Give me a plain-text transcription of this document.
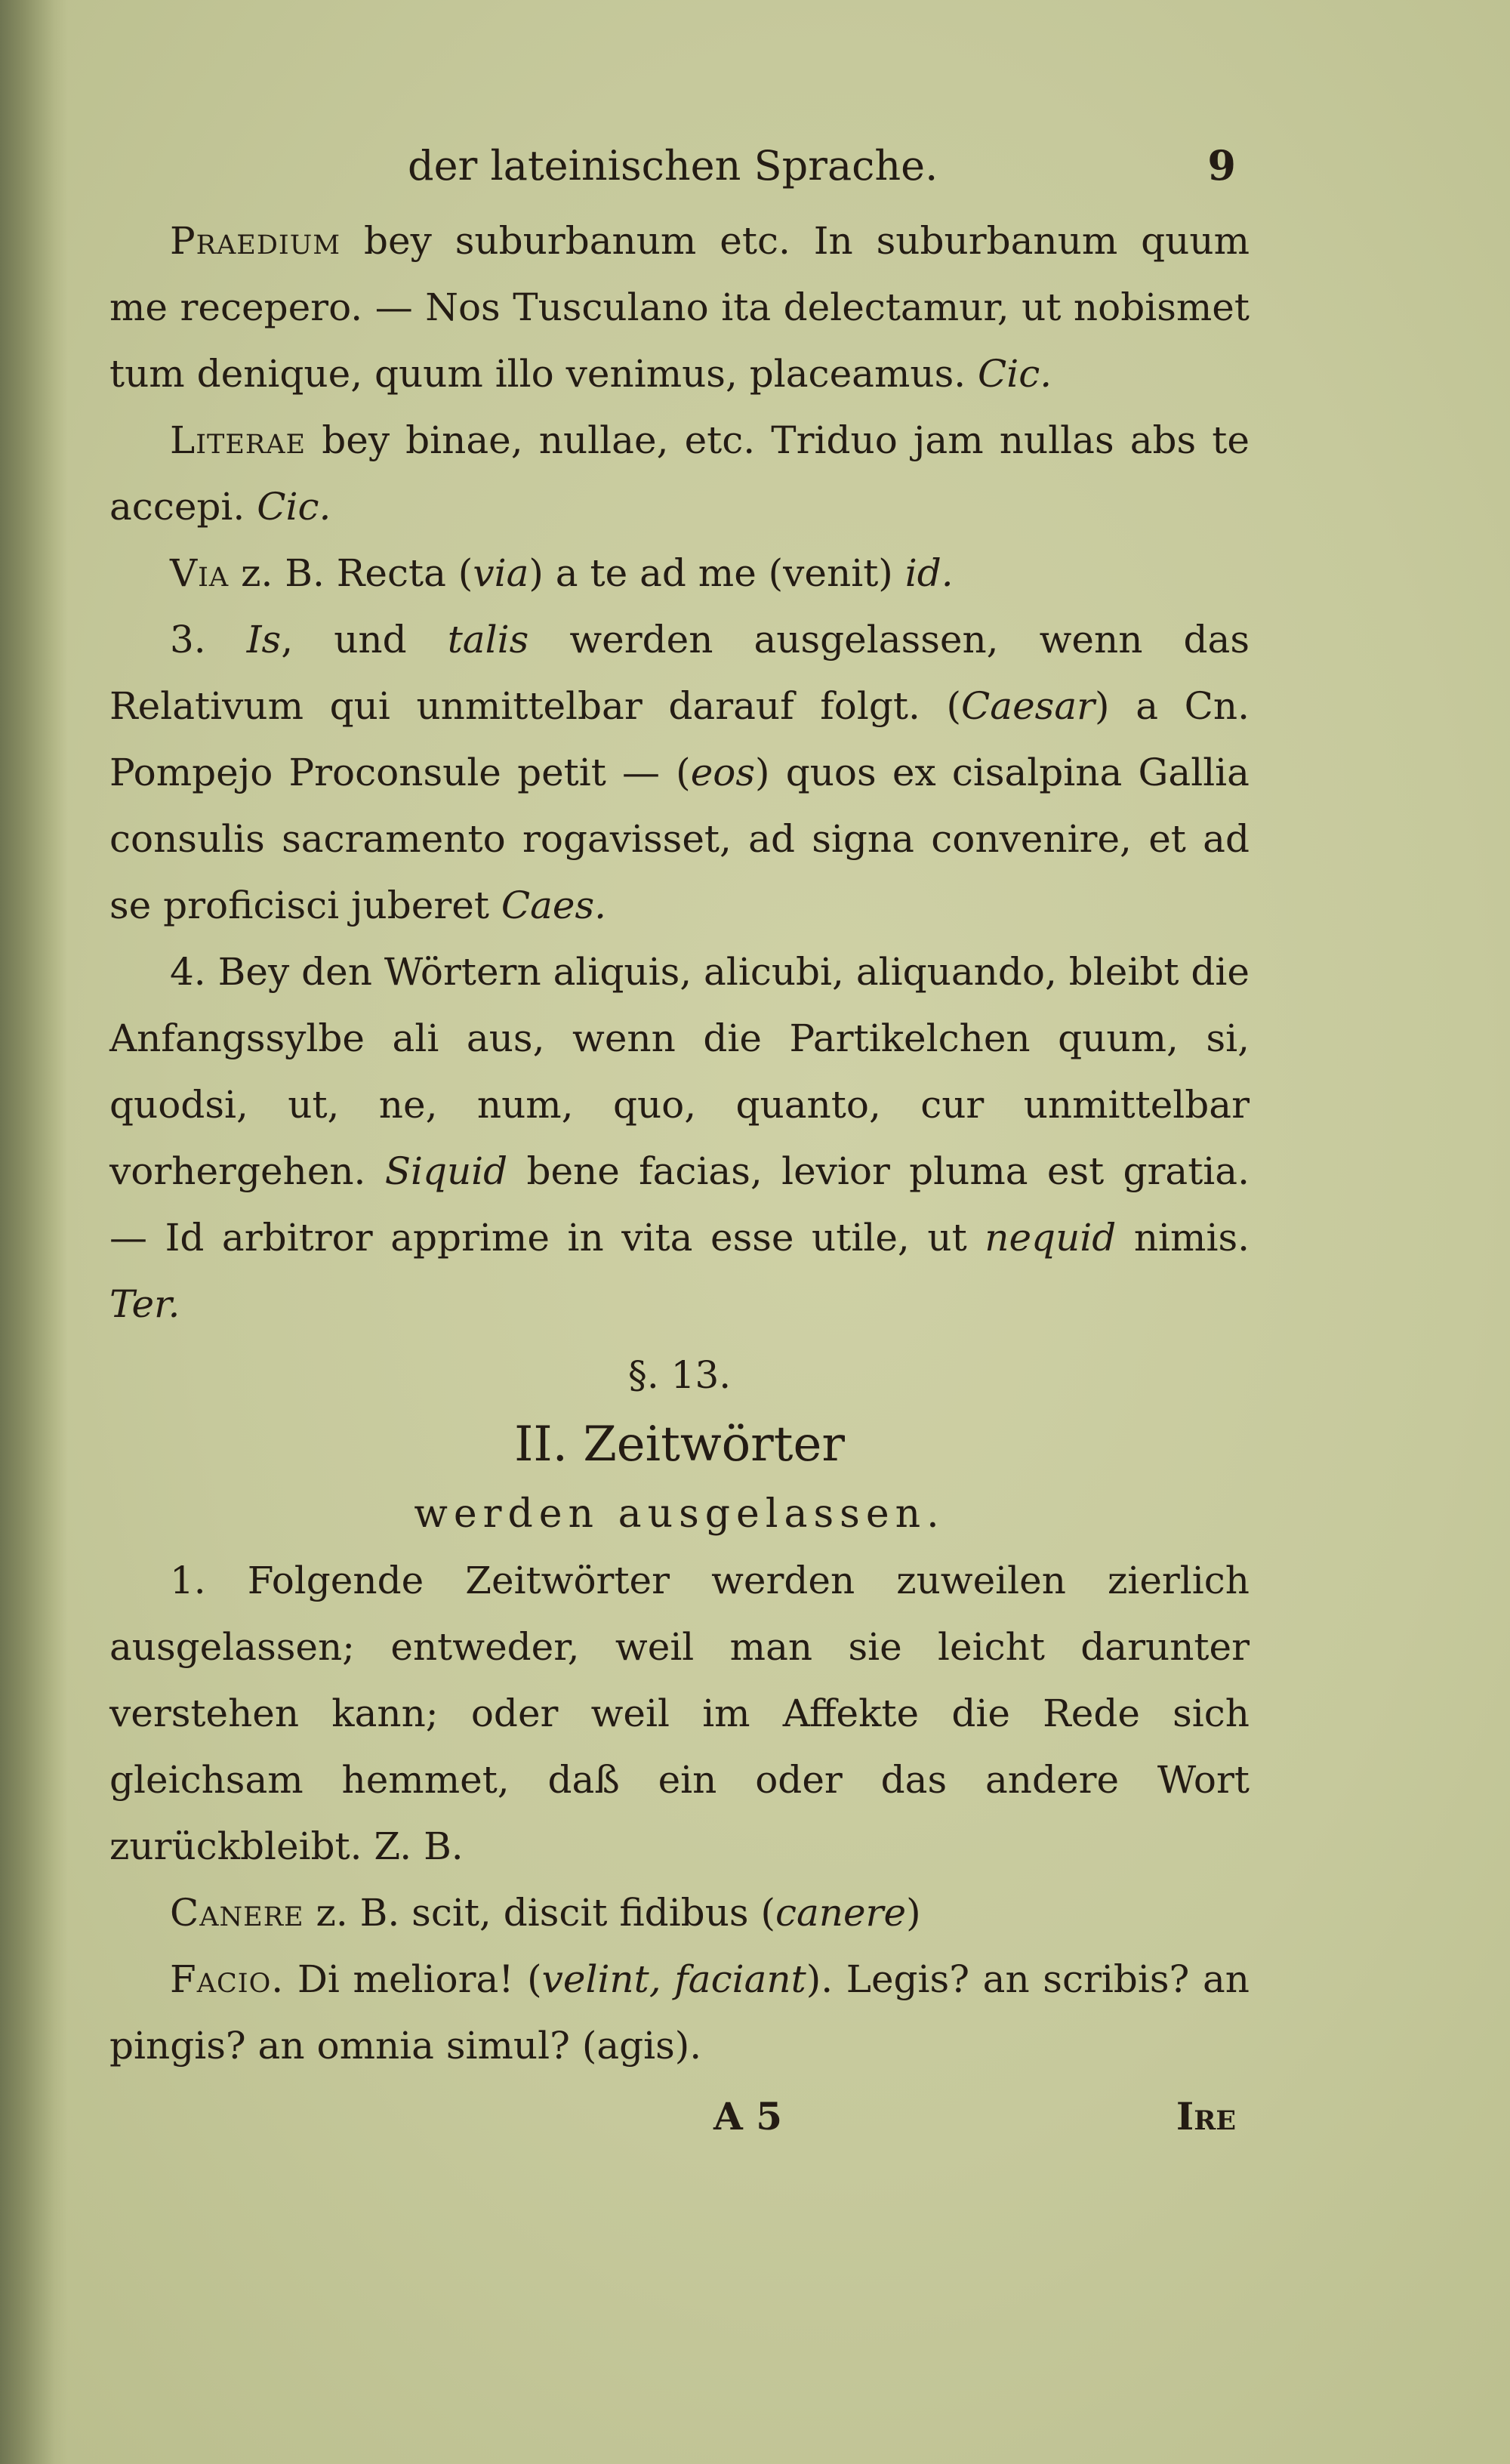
der lateinischen Sprache.	9

Praedium bey suburbanum etc. In suburbanum quum me recepero. — Nos Tusculano ita delectamur, ut nobismet tum denique, quum illo venimus, placeamus. Cic.

Literae bey binae, nullae, etc. Triduo jam nullas abs te accepi. Cic.

Via z. B. Recta (via) a te ad me (venit) id.

3. Is, und talis werden ausgelassen, wenn das Relativum qui unmittelbar darauf folgt. (Caesar) a Cn. Pompejo Proconsule petit — (eos) quos ex cisalpina Gallia consulis sacramento rogavisset, ad signa convenire, et ad se proficisci juberet Caes.

4. Bey den Wörtern aliquis, alicubi, aliquando, bleibt die Anfangssylbe ali aus, wenn die Partikelchen quum, si, quodsi, ut, ne, num, quo, quanto, cur unmittelbar vorhergehen. Siquid bene facias, levior pluma est gratia. — Id arbitror apprime in vita esse utile, ut nequid nimis. Ter.

§. 13.

II. Zeitwörter

werden ausgelassen.

1. Folgende Zeitwörter werden zuweilen zierlich ausgelassen; entweder, weil man sie leicht darunter verstehen kann; oder weil im Affekte die Rede sich gleichsam hemmet, daß ein oder das andere Wort zurückbleibt. Z. B.

Canere z. B. scit, discit fidibus (canere)

Facio. Di meliora! (velint, faciant). Legis? an scribis? an pingis? an omnia simul? (agis).

A 5	Ire
